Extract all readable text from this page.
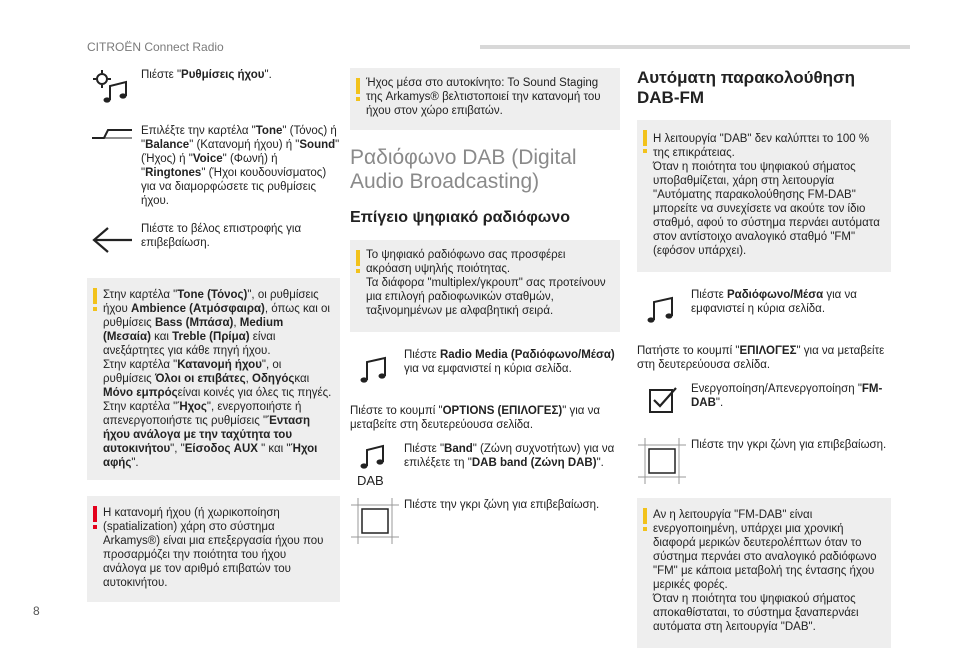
CITROËN Connect Radio
Πιέστε "Ρυθμίσεις ήχου".
Επιλέξτε την καρτέλα "Tone" (Τόνος) ή "Balance" (Κατανομή ήχου) ή "Sound" (Ήχος) ή "Voice" (Φωνή) ή "Ringtones" (Ήχοι κουδουνίσματος) για να διαμορφώσετε τις ρυθμίσεις ήχου.
Πιέστε το βέλος επιστροφής για επιβεβαίωση.
Στην καρτέλα "Tone (Τόνος)", οι ρυθμίσεις ήχου Ambience (Ατμόσφαιρα), όπως και οι ρυθμίσεις Bass (Μπάσα), Medium (Μεσαία) και Treble (Πρίμα) είναι ανεξάρτητες για κάθε πηγή ήχου.
Στην καρτέλα "Κατανομή ήχου", οι ρυθμίσεις Όλοι οι επιβάτες, Οδηγόςκαι Μόνο εμπρόςείναι κοινές για όλες τις πηγές.
Στην καρτέλα "Ήχος", ενεργοποιήστε ή απενεργοποιήστε τις ρυθμίσεις "Ένταση ήχου ανάλογα με την ταχύτητα του αυτοκινήτου", "Είσοδος AUX " και "Ήχοι αφής".
Η κατανομή ήχου (ή χωρικοποίηση (spatialization) χάρη στο σύστημα Arkamys®) είναι μια επεξεργασία ήχου που προσαρμόζει την ποιότητα του ήχου ανάλογα με τον αριθμό επιβατών του αυτοκινήτου.
Ήχος μέσα στο αυτοκίνητο: Το Sound Staging της Arkamys® βελτιστοποιεί την κατανομή του ήχου στον χώρο επιβατών.
Ραδιόφωνο DAB (Digital Audio Broadcasting)
Επίγειο ψηφιακό ραδιόφωνο
Το ψηφιακό ραδιόφωνο σας προσφέρει ακρόαση υψηλής ποιότητας.
Τα διάφορα "multiplex/γκρουπ" σας προτείνουν μια επιλογή ραδιοφωνικών σταθμών, ταξινομημένων με αλφαβητική σειρά.
Πιέστε Radio Media (Ραδιόφωνο/Μέσα) για να εμφανιστεί η κύρια σελίδα.
Πιέστε το κουμπί "OPTIONS (ΕΠΙΛΟΓΕΣ)" για να μεταβείτε στη δευτερεύουσα σελίδα.
DAB
Πιέστε "Band" (Ζώνη συχνοτήτων) για να επιλέξετε τη "DAB band (Ζώνη DAB)".
Πιέστε την γκρι ζώνη για επιβεβαίωση.
Αυτόματη παρακολούθηση DAB-FM
Η λειτουργία "DAB" δεν καλύπτει το 100 % της επικράτειας.
Όταν η ποιότητα του ψηφιακού σήματος υποβαθμίζεται, χάρη στη λειτουργία "Αυτόματης παρακολούθησης FM-DAB" μπορείτε να συνεχίσετε να ακούτε τον ίδιο σταθμό, αφού το σύστημα περνάει αυτόματα στον αντίστοιχο αναλογικό σταθμό "FM" (εφόσον υπάρχει).
Πιέστε Ραδιόφωνο/Μέσα για να εμφανιστεί η κύρια σελίδα.
Πατήστε το κουμπί "ΕΠΙΛΟΓΕΣ" για να μεταβείτε στη δευτερεύουσα σελίδα.
Ενεργοποίηση/Απενεργοποίηση "FM-DAB".
Πιέστε την γκρι ζώνη για επιβεβαίωση.
Αν η λειτουργία "FM-DAB" είναι ενεργοποιημένη, υπάρχει μια χρονική διαφορά μερικών δευτερολέπτων όταν το σύστημα περνάει στο αναλογικό ραδιόφωνο "FM" με κάποια μεταβολή της έντασης ήχου μερικές φορές.
Όταν η ποιότητα του ψηφιακού σήματος αποκαθίσταται, το σύστημα ξαναπερνάει αυτόματα στη λειτουργία "DAB".
8
